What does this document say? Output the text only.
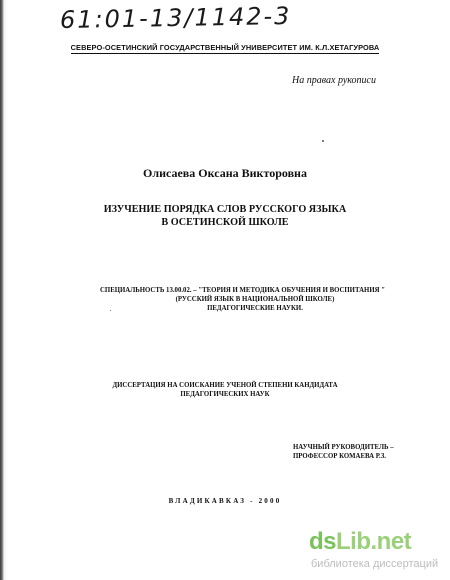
61:01-13/1142-3
СЕВЕРО-ОСЕТИНСКИЙ ГОСУДАРСТВЕННЫЙ УНИВЕРСИТЕТ ИМ. К.Л.ХЕТАГУРОВА
На правах рукописи
Олисаева Оксана Викторовна
ИЗУЧЕНИЕ ПОРЯДКА СЛОВ РУССКОГО ЯЗЫКА
В ОСЕТИНСКОЙ ШКОЛЕ
СПЕЦИАЛЬНОСТЬ 13.00.02. – "ТЕОРИЯ И МЕТОДИКА ОБУЧЕНИЯ И ВОСПИТАНИЯ "
(РУССКИЙ ЯЗЫК В НАЦИОНАЛЬНОЙ ШКОЛЕ)
ПЕДАГОГИЧЕСКИЕ НАУКИ.
ДИССЕРТАЦИЯ НА СОИСКАНИЕ УЧЕНОЙ СТЕПЕНИ КАНДИДАТА
ПЕДАГОГИЧЕСКИХ НАУК
НАУЧНЫЙ РУКОВОДИТЕЛЬ –
ПРОФЕССОР КОМАЕВА Р.З.
ВЛАДИКАВКАЗ - 2000
dsLib.net
библиотека диссертаций
